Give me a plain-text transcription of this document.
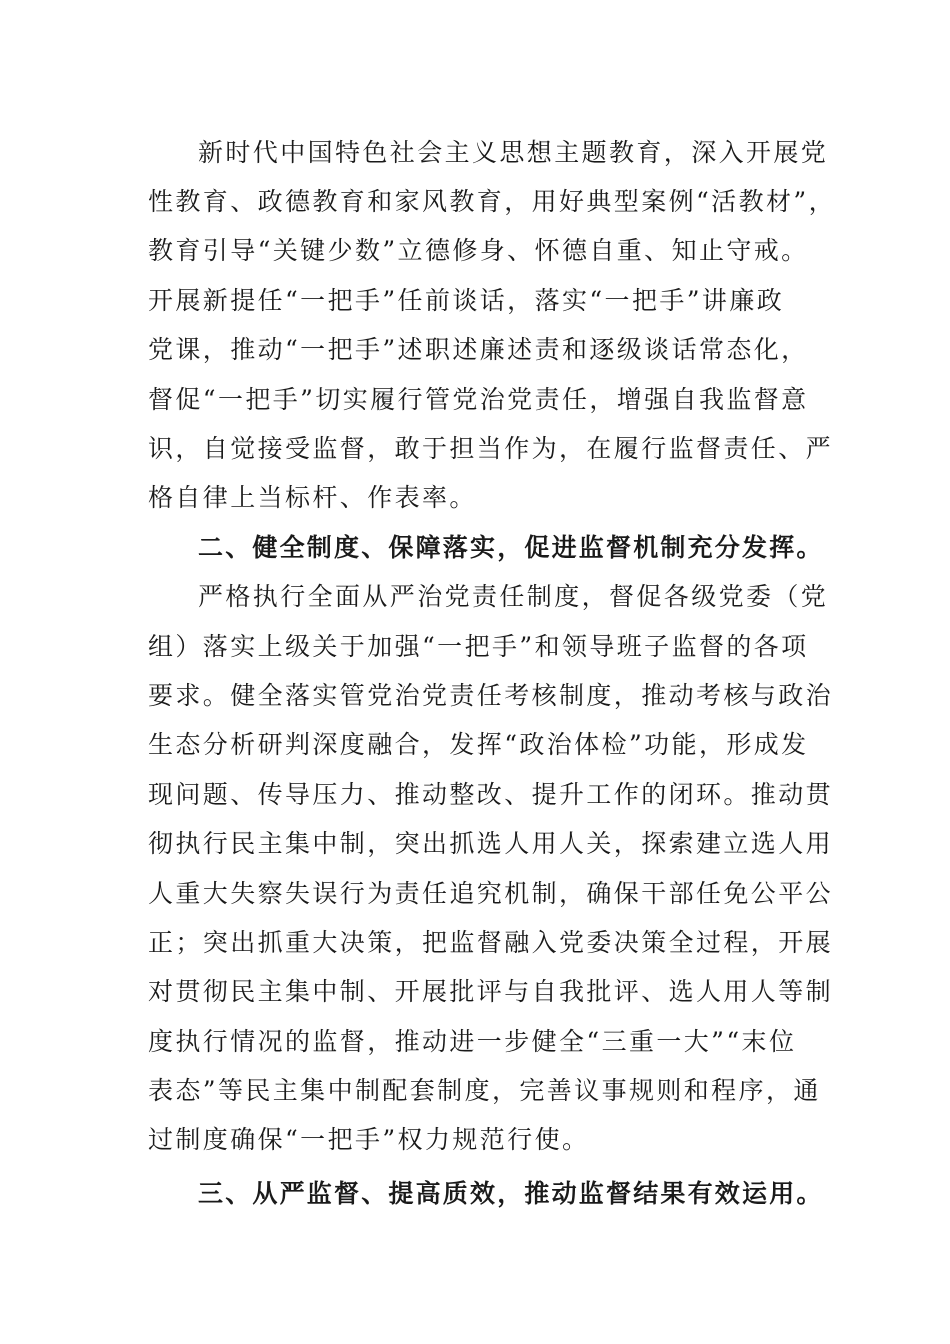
新时代中国特色社会主义思想主题教育，深入开展党
性教育、政德教育和家风教育，用好典型案例“活教材”，
教育引导“关键少数”立德修身、怀德自重、知止守戒。
开展新提任“一把手”任前谈话，落实“一把手”讲廉政
党课，推动“一把手”述职述廉述责和逐级谈话常态化，
督促“一把手”切实履行管党治党责任，增强自我监督意
识，自觉接受监督，敢于担当作为，在履行监督责任、严
格自律上当标杆、作表率。
二、健全制度、保障落实，促进监督机制充分发挥。
严格执行全面从严治党责任制度，督促各级党委（党
组）落实上级关于加强“一把手”和领导班子监督的各项
要求。健全落实管党治党责任考核制度，推动考核与政治
生态分析研判深度融合，发挥“政治体检”功能，形成发
现问题、传导压力、推动整改、提升工作的闭环。推动贯
彻执行民主集中制，突出抓选人用人关，探索建立选人用
人重大失察失误行为责任追究机制，确保干部任免公平公
正；突出抓重大决策，把监督融入党委决策全过程，开展
对贯彻民主集中制、开展批评与自我批评、选人用人等制
度执行情况的监督，推动进一步健全“三重一大”“末位
表态”等民主集中制配套制度，完善议事规则和程序，通
过制度确保“一把手”权力规范行使。
三、从严监督、提高质效，推动监督结果有效运用。
